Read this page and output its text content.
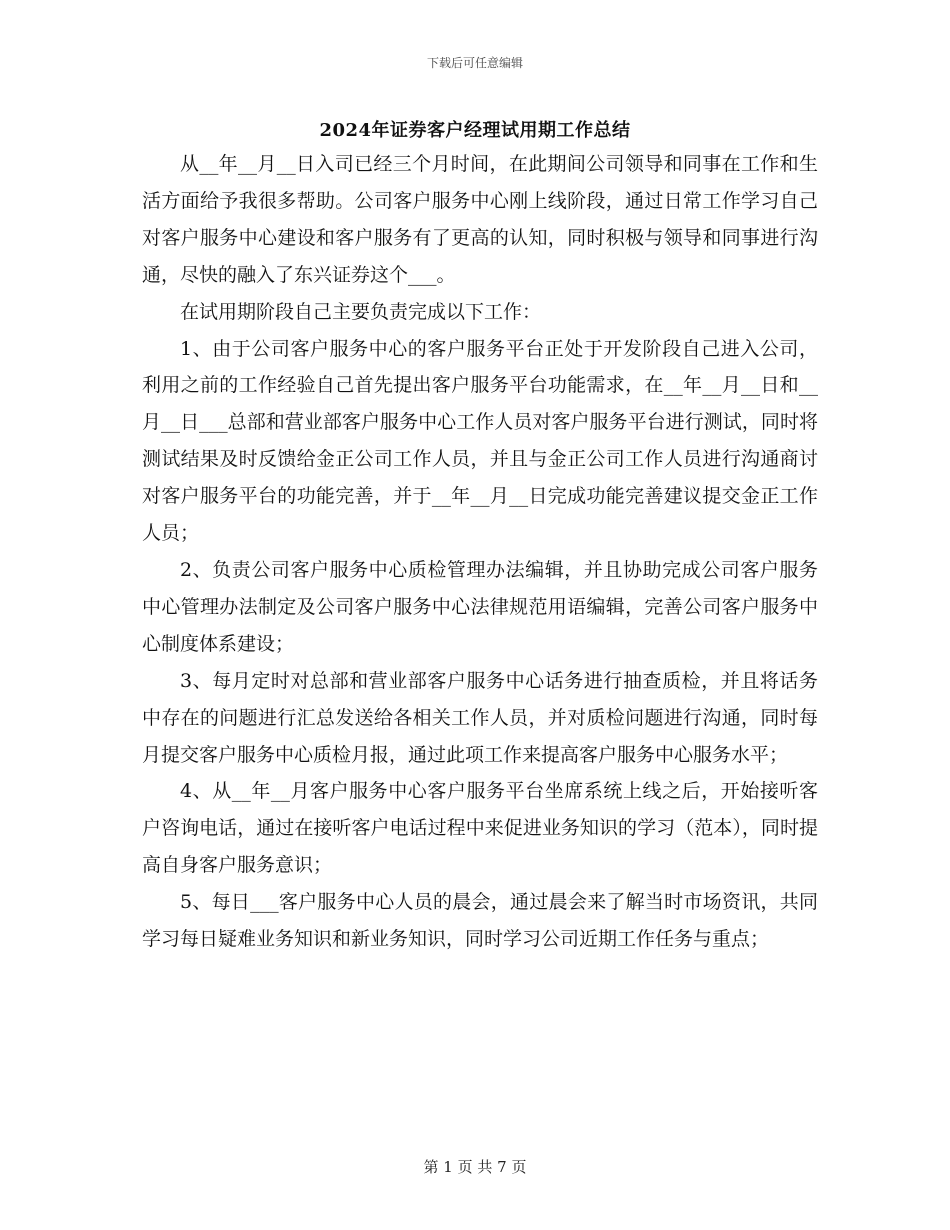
下载后可任意编辑
2024年证券客户经理试用期工作总结

从__年__月__日入司已经三个月时间，在此期间公司领导和同事在工作和生活方面给予我很多帮助。公司客户服务中心刚上线阶段，通过日常工作学习自己对客户服务中心建设和客户服务有了更高的认知，同时积极与领导和同事进行沟通，尽快的融入了东兴证券这个___。

在试用期阶段自己主要负责完成以下工作：

1、由于公司客户服务中心的客户服务平台正处于开发阶段自己进入公司，利用之前的工作经验自己首先提出客户服务平台功能需求，在__年__月__日和__月__日___总部和营业部客户服务中心工作人员对客户服务平台进行测试，同时将测试结果及时反馈给金正公司工作人员，并且与金正公司工作人员进行沟通商讨对客户服务平台的功能完善，并于__年__月__日完成功能完善建议提交金正工作人员；

2、负责公司客户服务中心质检管理办法编辑，并且协助完成公司客户服务中心管理办法制定及公司客户服务中心法律规范用语编辑，完善公司客户服务中心制度体系建设；

3、每月定时对总部和营业部客户服务中心话务进行抽查质检，并且将话务中存在的问题进行汇总发送给各相关工作人员，并对质检问题进行沟通，同时每月提交客户服务中心质检月报，通过此项工作来提高客户服务中心服务水平；

4、从__年__月客户服务中心客户服务平台坐席系统上线之后，开始接听客户咨询电话，通过在接听客户电话过程中来促进业务知识的学习（范本），同时提高自身客户服务意识；

5、每日___客户服务中心人员的晨会，通过晨会来了解当时市场资讯，共同学习每日疑难业务知识和新业务知识，同时学习公司近期工作任务与重点；

第 1 页 共 7 页
